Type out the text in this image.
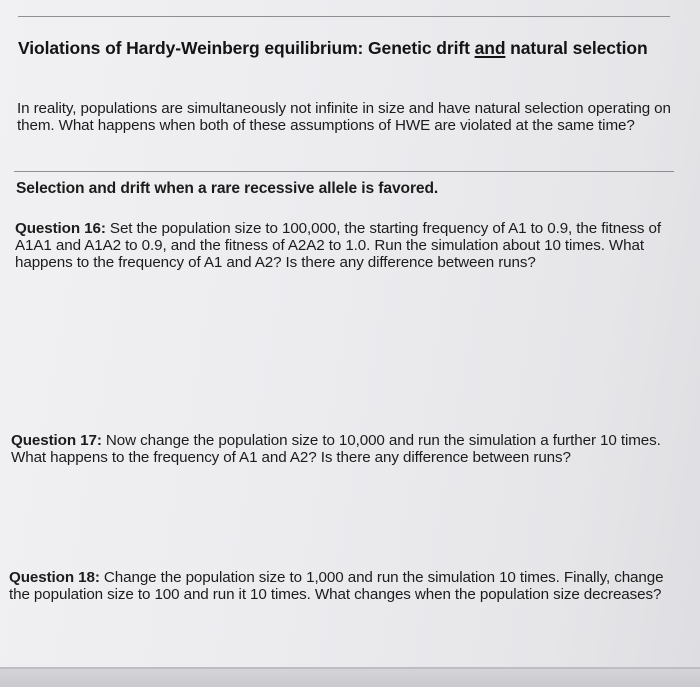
Violations of Hardy-Weinberg equilibrium: Genetic drift and natural selection

In reality, populations are simultaneously not infinite in size and have natural selection operating on them. What happens when both of these assumptions of HWE are violated at the same time?

Selection and drift when a rare recessive allele is favored.

Question 16: Set the population size to 100,000, the starting frequency of A1 to 0.9, the fitness of A1A1 and A1A2 to 0.9, and the fitness of A2A2 to 1.0. Run the simulation about 10 times. What happens to the frequency of A1 and A2? Is there any difference between runs?

Question 17: Now change the population size to 10,000 and run the simulation a further 10 times. What happens to the frequency of A1 and A2? Is there any difference between runs?

Question 18: Change the population size to 1,000 and run the simulation 10 times. Finally, change the population size to 100 and run it 10 times. What changes when the population size decreases?
